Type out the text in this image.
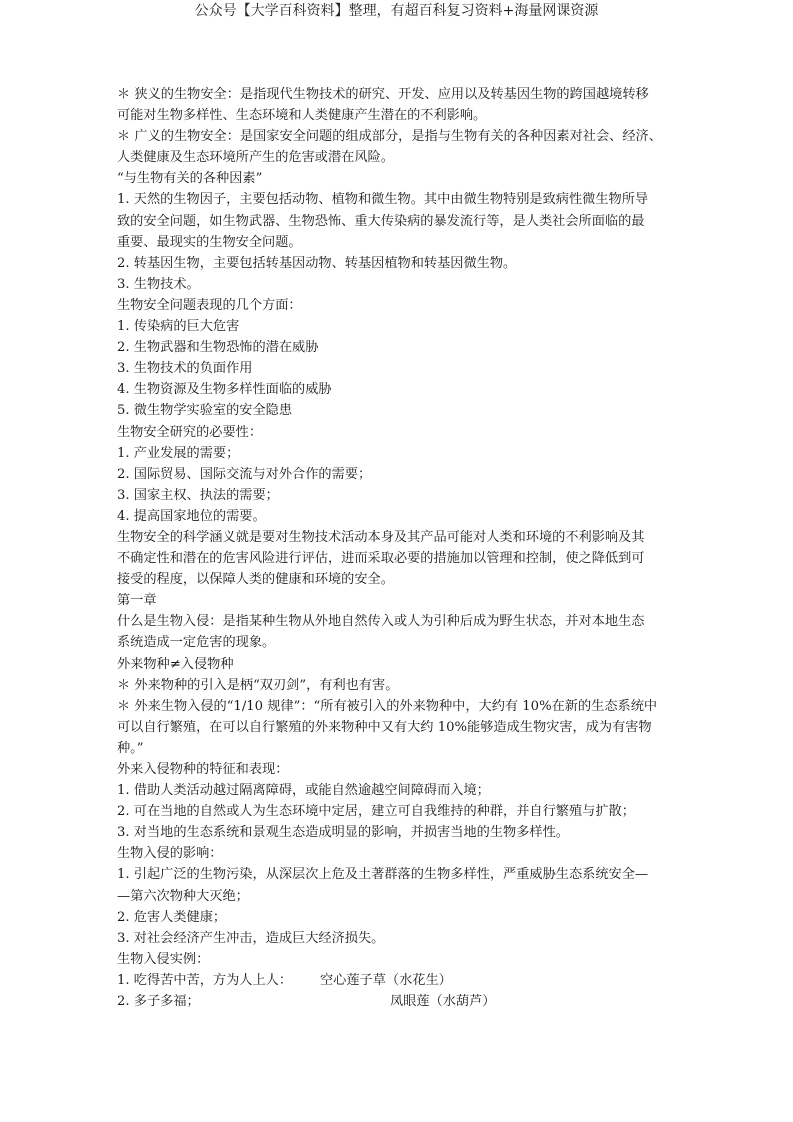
公众号【大学百科资料】整理，有超百科复习资料+海量网课资源
＊ 狭义的生物安全：是指现代生物技术的研究、开发、应用以及转基因生物的跨国越境转移
可能对生物多样性、生态环境和人类健康产生潜在的不利影响。
＊ 广义的生物安全：是国家安全问题的组成部分，是指与生物有关的各种因素对社会、经济、
人类健康及生态环境所产生的危害或潜在风险。
“与生物有关的各种因素”
1. 天然的生物因子，主要包括动物、植物和微生物。其中由微生物特别是致病性微生物所导
致的安全问题，如生物武器、生物恐怖、重大传染病的暴发流行等，是人类社会所面临的最
重要、最现实的生物安全问题。
2. 转基因生物，主要包括转基因动物、转基因植物和转基因微生物。
3. 生物技术。
生物安全问题表现的几个方面：
1. 传染病的巨大危害
2. 生物武器和生物恐怖的潜在威胁
3. 生物技术的负面作用
4. 生物资源及生物多样性面临的威胁
5. 微生物学实验室的安全隐患
生物安全研究的必要性：
1. 产业发展的需要；
2. 国际贸易、国际交流与对外合作的需要；
3. 国家主权、执法的需要；
4. 提高国家地位的需要。
生物安全的科学涵义就是要对生物技术活动本身及其产品可能对人类和环境的不利影响及其
不确定性和潜在的危害风险进行评估，进而采取必要的措施加以管理和控制，使之降低到可
接受的程度，以保障人类的健康和环境的安全。
第一章
什么是生物入侵：是指某种生物从外地自然传入或人为引种后成为野生状态，并对本地生态
系统造成一定危害的现象。
外来物种≠入侵物种
＊ 外来物种的引入是柄“双刃剑”，有利也有害。
＊ 外来生物入侵的“1/10 规律”：“所有被引入的外来物种中，大约有 10%在新的生态系统中
可以自行繁殖，在可以自行繁殖的外来物种中又有大约 10%能够造成生物灾害，成为有害物
种。”
外来入侵物种的特征和表现：
1. 借助人类活动越过隔离障碍，或能自然逾越空间障碍而入境；
2. 可在当地的自然或人为生态环境中定居，建立可自我维持的种群，并自行繁殖与扩散；
3. 对当地的生态系统和景观生态造成明显的影响，并损害当地的生物多样性。
生物入侵的影响：
1. 引起广泛的生物污染，从深层次上危及土著群落的生物多样性，严重威胁生态系统安全—
—第六次物种大灭绝；
2. 危害人类健康；
3. 对社会经济产生冲击，造成巨大经济损失。
生物入侵实例：
1. 吃得苦中苦，方为人上人： 空心莲子草（水花生）
2. 多子多福；	凤眼莲（水葫芦）
